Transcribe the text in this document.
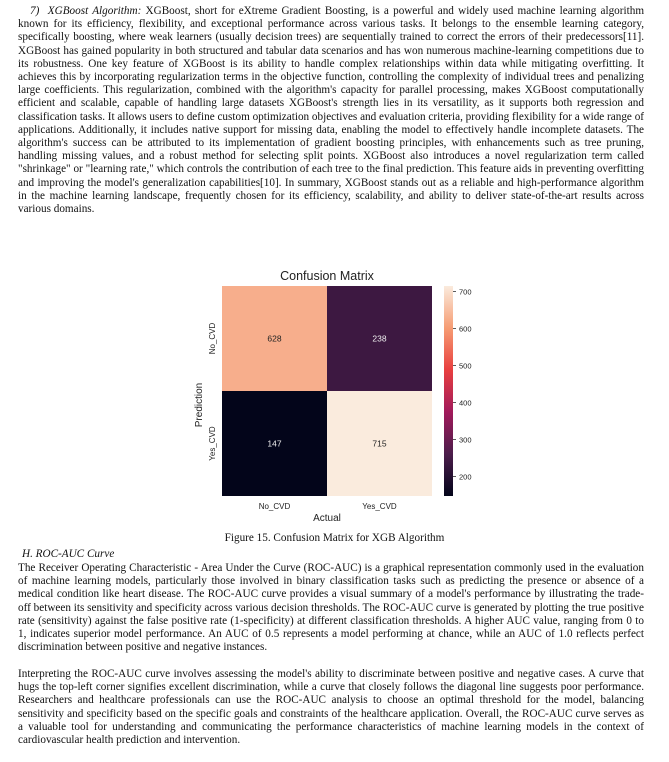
7) XGBoost Algorithm: XGBoost, short for eXtreme Gradient Boosting, is a powerful and widely used machine learning algorithm known for its efficiency, flexibility, and exceptional performance across various tasks. It belongs to the ensemble learning category, specifically boosting, where weak learners (usually decision trees) are sequentially trained to correct the errors of their predecessors[11]. XGBoost has gained popularity in both structured and tabular data scenarios and has won numerous machine-learning competitions due to its robustness. One key feature of XGBoost is its ability to handle complex relationships within data while mitigating overfitting. It achieves this by incorporating regularization terms in the objective function, controlling the complexity of individual trees and penalizing large coefficients. This regularization, combined with the algorithm's capacity for parallel processing, makes XGBoost computationally efficient and scalable, capable of handling large datasets XGBoost's strength lies in its versatility, as it supports both regression and classification tasks. It allows users to define custom optimization objectives and evaluation criteria, providing flexibility for a wide range of applications. Additionally, it includes native support for missing data, enabling the model to effectively handle incomplete datasets. The algorithm's success can be attributed to its implementation of gradient boosting principles, with enhancements such as tree pruning, handling missing values, and a robust method for selecting split points. XGBoost also introduces a novel regularization term called "shrinkage" or "learning rate," which controls the contribution of each tree to the final prediction. This feature aids in preventing overfitting and improving the model's generalization capabilities[10]. In summary, XGBoost stands out as a reliable and high-performance algorithm in the machine learning landscape, frequently chosen for its efficiency, scalability, and ability to deliver state-of-the-art results across various domains.

Confusion Matrix
628	238
147	715
No_CVD
Yes_CVD
No_CVD	Yes_CVD
Prediction
Actual
200
300
400
500
600
700

Figure 15. Confusion Matrix for XGB Algorithm

H. ROC-AUC Curve

The Receiver Operating Characteristic - Area Under the Curve (ROC-AUC) is a graphical representation commonly used in the evaluation of machine learning models, particularly those involved in binary classification tasks such as predicting the presence or absence of a medical condition like heart disease. The ROC-AUC curve provides a visual summary of a model's performance by illustrating the trade-off between its sensitivity and specificity across various decision thresholds. The ROC-AUC curve is generated by plotting the true positive rate (sensitivity) against the false positive rate (1-specificity) at different classification thresholds. A higher AUC value, ranging from 0 to 1, indicates superior model performance. An AUC of 0.5 represents a model performing at chance, while an AUC of 1.0 reflects perfect discrimination between positive and negative instances.

Interpreting the ROC-AUC curve involves assessing the model's ability to discriminate between positive and negative cases. A curve that hugs the top-left corner signifies excellent discrimination, while a curve that closely follows the diagonal line suggests poor performance. Researchers and healthcare professionals can use the ROC-AUC analysis to choose an optimal threshold for the model, balancing sensitivity and specificity based on the specific goals and constraints of the healthcare application. Overall, the ROC-AUC curve serves as a valuable tool for understanding and communicating the performance characteristics of machine learning models in the context of cardiovascular health prediction and intervention.
